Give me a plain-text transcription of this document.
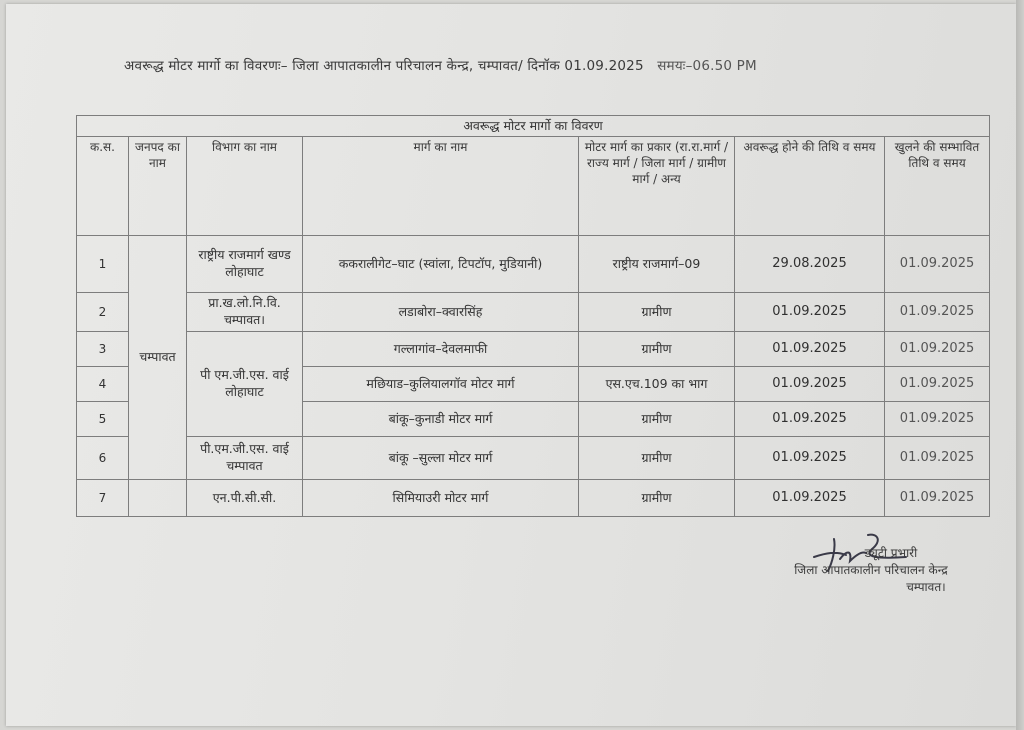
अवरूद्ध मोटर मार्गो का विवरणः– जिला आपातकालीन परिचालन केन्द्र, चम्पावत/ दिनॉक 01.09.2025 समयः–06.50 PM
अवरूद्ध मोटर मार्गो का विवरण						
क.स.	जनपद का नाम	विभाग का नाम	मार्ग का नाम	मोटर मार्ग का प्रकार (रा.रा.मार्ग / राज्य मार्ग / जिला मार्ग / ग्रामीण मार्ग / अन्य	अवरूद्ध होने की तिथि व समय	खुलने की सम्भावित तिथि व समय
1	चम्पावत	राष्ट्रीय राजमार्ग खण्ड लोहाघाट	ककरालीगेट–घाट (स्वांला, टिपटॉप, मुडियानी)	राष्ट्रीय राजमार्ग–09	29.08.2025	01.09.2025
2		प्रा.ख.लो.नि.वि. चम्पावत।	लडाबोरा–क्वारसिंह	ग्रामीण	01.09.2025	01.09.2025
3		पी एम.जी.एस. वाई लोहाघाट	गल्लागांव–देवलमाफी	ग्रामीण	01.09.2025	01.09.2025
4			मछियाड–कुलियालगॉव मोटर मार्ग	एस.एच.109 का भाग	01.09.2025	01.09.2025
5			बांकू–कुनाडी मोटर मार्ग	ग्रामीण	01.09.2025	01.09.2025
6		पी.एम.जी.एस. वाई चम्पावत	बांकू –सुल्ला मोटर मार्ग	ग्रामीण	01.09.2025	01.09.2025
7		एन.पी.सी.सी.	सिमियाउरी मोटर मार्ग	ग्रामीण	01.09.2025	01.09.2025
ड्यूटी प्रभारी
जिला आपातकालीन परिचालन केन्द्र
चम्पावत।
